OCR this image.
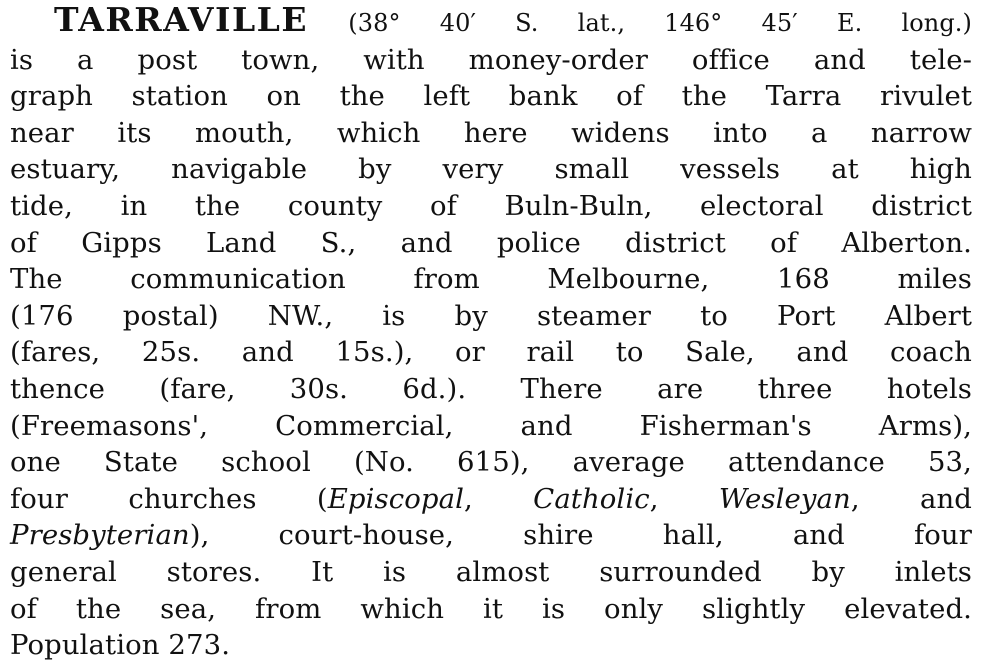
TARRAVILLE (38° 40′ S. lat., 146° 45′ E. long.)
is a post town, with money-order office and tele-
graph station on the left bank of the Tarra rivulet
near its mouth, which here widens into a narrow
estuary, navigable by very small vessels at high
tide, in the county of Buln-Buln, electoral district
of Gipps Land S., and police district of Alberton.
The communication from Melbourne, 168 miles
(176 postal) NW., is by steamer to Port Albert
(fares, 25s. and 15s.), or rail to Sale, and coach
thence (fare, 30s. 6d.). There are three hotels
(Freemasons', Commercial, and Fisherman's Arms),
one State school (No. 615), average attendance 53,
four churches (Episcopal, Catholic, Wesleyan, and
Presbyterian), court-house, shire hall, and four
general stores. It is almost surrounded by inlets
of the sea, from which it is only slightly elevated.
Population 273.
